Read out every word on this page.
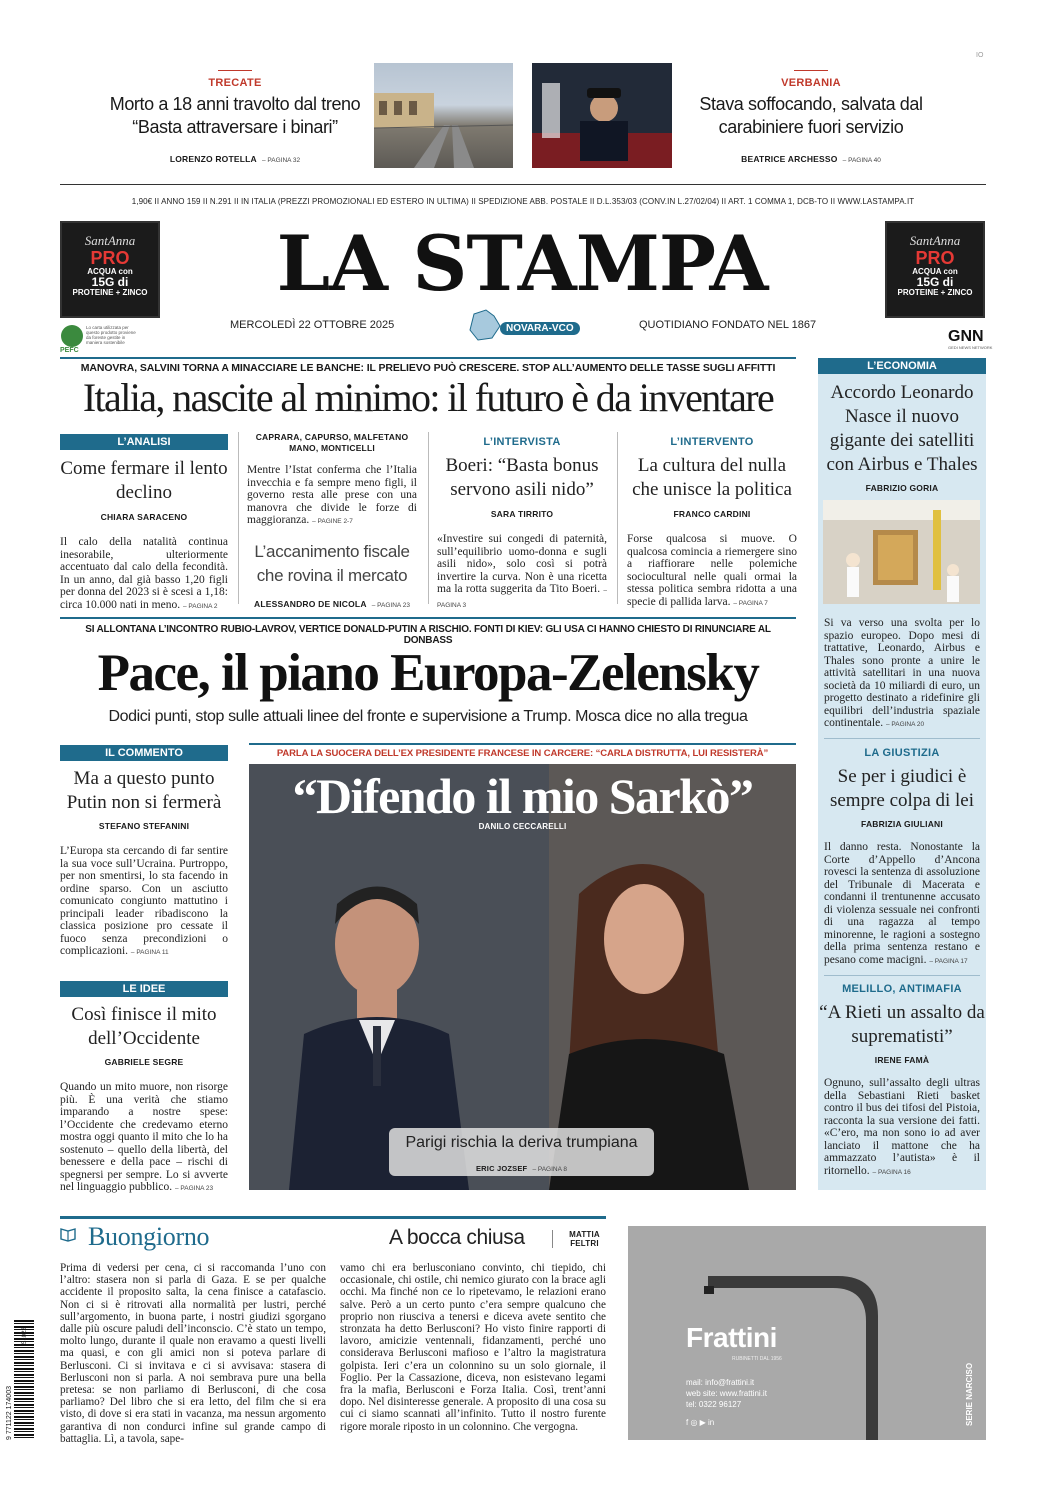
IO
TRECATE
Morto a 18 anni travolto dal treno “Basta attraversare i binari”
LORENZO ROTELLA – PAGINA 32
VERBANIA
Stava soffocando, salvata dal carabiniere fuori servizio
BEATRICE ARCHESSO – PAGINA 40
1,90€ II ANNO 159 II N.291 II IN ITALIA (PREZZI PROMOZIONALI ED ESTERO IN ULTIMA) II SPEDIZIONE ABB. POSTALE II D.L.353/03 (CONV.IN L.27/02/04) II ART. 1 COMMA 1, DCB-TO II WWW.LASTAMPA.IT
SantAnna
PRO
ACQUA con
15G di
PROTEINE + ZINCO
SantAnna
PRO
ACQUA con
15G di
PROTEINE + ZINCO
LA STAMPA
MERCOLEDÌ 22 OTTOBRE 2025	NOVARA-VCO	QUOTIDIANO FONDATO NEL 1867
Lo carta utilizzata per questo prodotto proviene da foreste gestite in maniera sostenibile
PEFC
GNN
GEDI NEWS NETWORK
MANOVRA, SALVINI TORNA A MINACCIARE LE BANCHE: IL PRELIEVO PUÒ CRESCERE. STOP ALL’AUMENTO DELLE TASSE SUGLI AFFITTI
Italia, nascite al minimo: il futuro è da inventare
L’ANALISI
Come fermare il lento declino
CHIARA SARACENO
Il calo della natalità continua inesorabile, ulteriormente accentuato dal calo della fecondità. In un anno, dal già basso 1,20 figli per donna del 2023 si è scesi a 1,18: circa 10.000 nati in meno. – PAGINA 2
CAPRARA, CAPURSO, MALFETANO MANO, MONTICELLI
Mentre l’Istat conferma che l’Italia invecchia e fa sempre meno figli, il governo resta alle prese con una manovra che divide le forze di maggioranza. – PAGINE 2-7
L’accanimento fiscale che rovina il mercato
ALESSANDRO DE NICOLA – PAGINA 23
L’INTERVISTA
Boeri: “Basta bonus servono asili nido”
SARA TIRRITO
«Investire sui congedi di paternità, sull’equilibrio uomo-donna e sugli asili nido», solo così si potrà invertire la curva. Non è una ricetta ma la rotta suggerita da Tito Boeri. – PAGINA 3
L’INTERVENTO
La cultura del nulla che unisce la politica
FRANCO CARDINI
Forse qualcosa si muove. O qualcosa comincia a riemergere sino a riaffiorare nelle polemiche sociocultural nelle quali ormai la stessa politica sembra ridotta a una specie di pallida larva. – PAGINA 7
L’ECONOMIA
Accordo Leonardo Nasce il nuovo gigante dei satelliti con Airbus e Thales
FABRIZIO GORIA
Si va verso una svolta per lo spazio europeo. Dopo mesi di trattative, Leonardo, Airbus e Thales sono pronte a unire le attività satellitari in una nuova società da 10 miliardi di euro, un progetto destinato a ridefinire gli equilibri dell’industria spaziale continentale. – PAGINA 20
LA GIUSTIZIA
Se per i giudici è sempre colpa di lei
FABRIZIA GIULIANI
Il danno resta. Nonostante la Corte d’Appello d’Ancona rovesci la sentenza di assoluzione del Tribunale di Macerata e condanni il trentunenne accusato di violenza sessuale nei confronti di una ragazza al tempo minorenne, le ragioni a sostegno della prima sentenza restano e pesano come macigni. – PAGINA 17
MELILLO, ANTIMAFIA
“A Rieti un assalto da suprematisti”
IRENE FAMÀ
Ognuno, sull’assalto degli ultras della Sebastiani Rieti basket contro il bus dei tifosi del Pistoia, racconta la sua versione dei fatti. «C’ero, ma non sono io ad aver lanciato il mattone che ha ammazzato l’autista» è il ritornello. – PAGINA 16
SI ALLONTANA L’INCONTRO RUBIO-LAVROV, VERTICE DONALD-PUTIN A RISCHIO. FONTI DI KIEV: GLI USA CI HANNO CHIESTO DI RINUNCIARE AL DONBASS
Pace, il piano Europa-Zelensky
Dodici punti, stop sulle attuali linee del fronte e supervisione a Trump. Mosca dice no alla tregua
IL COMMENTO
Ma a questo punto Putin non si fermerà
STEFANO STEFANINI
L’Europa sta cercando di far sentire la sua voce sull’Ucraina. Purtroppo, per non smentirsi, lo sta facendo in ordine sparso. Con un asciutto comunicato congiunto mattutino i principali leader ribadiscono la classica posizione pro cessate il fuoco senza precondizioni o complicazioni. – PAGINA 11
LE IDEE
Così finisce il mito dell’Occidente
GABRIELE SEGRE
Quando un mito muore, non risorge più. È una verità che stiamo imparando a nostre spese: l’Occidente che credevamo eterno mostra oggi quanto il mito che lo ha sostenuto – quello della libertà, del benessere e della pace – rischi di spegnersi per sempre. Lo si avverte nel linguaggio pubblico. – PAGINA 23
PARLA LA SUOCERA DELL’EX PRESIDENTE FRANCESE IN CARCERE: “CARLA DISTRUTTA, LUI RESISTERÀ”
“Difendo il mio Sarkò”
DANILO CECCARELLI
Parigi rischia la deriva trumpiana
ERIC JOZSEF – PAGINA 8
Buongiorno	A bocca chiusa	MATTIA FELTRI
Prima di vedersi per cena, ci si raccomanda l’uno con l’altro: stasera non si parla di Gaza. E se per qualche accidente il proposito salta, la cena finisce a catafascio. Non ci si è ritrovati alla normalità per lustri, perché sull’argomento, in buona parte, i nostri giudizi sgorgano dalle più oscure paludi dell’inconscio. C’è stato un tempo, molto lungo, durante il quale non eravamo a questi livelli ma quasi, e con gli amici non si poteva parlare di Berlusconi. Ci si invitava e ci si avvisava: stasera di Berlusconi non si parla. A noi sembrava pure una bella pretesa: se non parliamo di Berlusconi, di che cosa parliamo? Del libro che si era letto, del film che si era visto, di dove si era stati in vacanza, ma nessun argomento garantiva di non condurci infine sul grande campo di battaglia. Lì, a tavola, sape-
vamo chi era berlusconiano convinto, chi tiepido, chi occasionale, chi ostile, chi nemico giurato con la brace agli occhi. Ma finché non ce lo ripetevamo, le relazioni erano salve. Però a un certo punto c’era sempre qualcuno che proprio non riusciva a tenersi e diceva avete sentito che stronzata ha detto Berlusconi? Ho visto finire rapporti di lavoro, amicizie ventennali, fidanzamenti, perché uno considerava Berlusconi mafioso e l’altro la magistratura golpista. Ieri c’era un colonnino su un solo giornale, il Foglio. Per la Cassazione, diceva, non esistevano legami fra la mafia, Berlusconi e Forza Italia. Così, trent’anni dopo. Nel disinteresse generale. A proposito di una cosa su cui ci siamo scannati all’infinito. Tutto il nostro furente rigore morale riposto in un colonnino. Che vergogna.
9 771122 174003
51022	Frattini
RUBINETTI DAL 1956
mail: info@frattini.it
web site: www.frattini.it
tel: 0322 96127
f ◎ ▶ in	SERIE NARCISO
